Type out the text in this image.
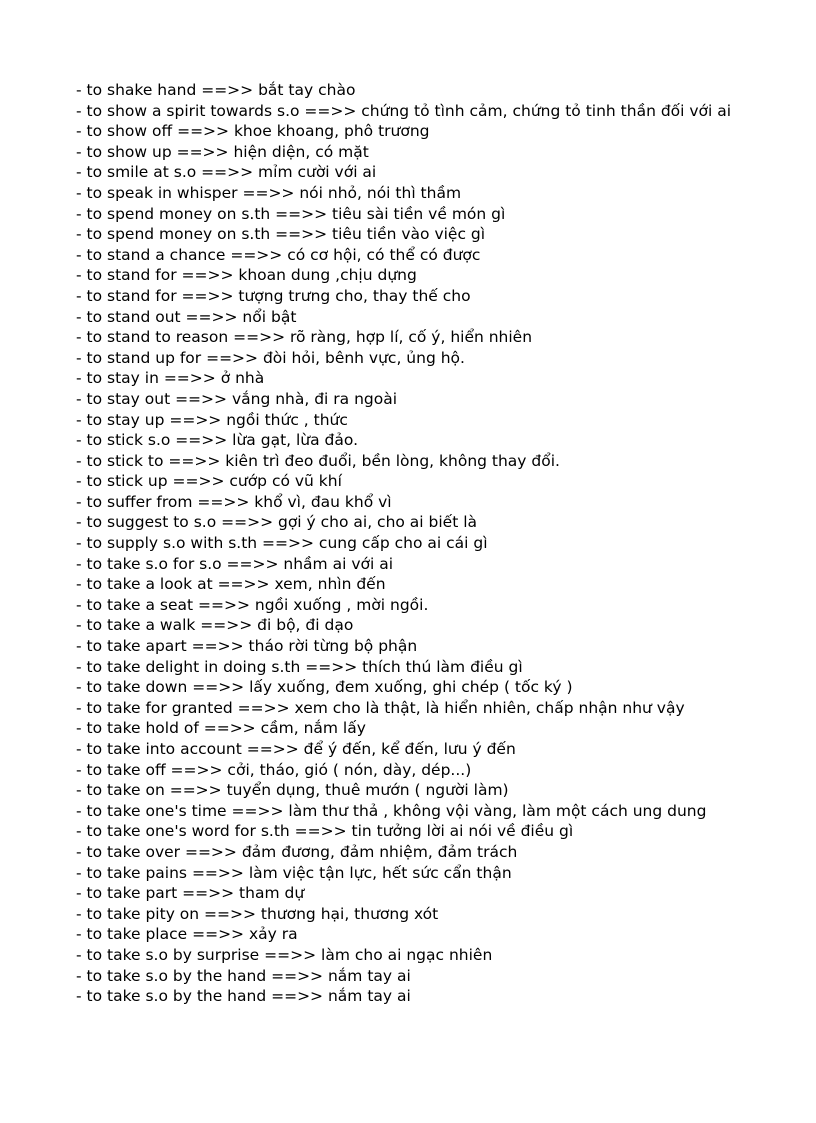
- to shake hand ==>> bắt tay chào

- to show a spirit towards s.o ==>> chứng tỏ tình cảm, chứng tỏ tinh thần đối với ai

- to show off ==>> khoe khoang, phô trương

- to show up ==>> hiện diện, có mặt

- to smile at s.o ==>> mỉm cười với ai

- to speak in whisper ==>> nói nhỏ, nói thì thầm

- to spend money on s.th ==>> tiêu sài tiền về món gì

- to spend money on s.th ==>> tiêu tiền vào việc gì

- to stand a chance ==>> có cơ hội, có thể có được

- to stand for ==>> khoan dung ,chịu dựng

- to stand for ==>> tượng trưng cho, thay thế cho

- to stand out ==>> nổi bật

- to stand to reason ==>> rõ ràng, hợp lí, cố ý, hiển nhiên

- to stand up for ==>> đòi hỏi, bênh vực, ủng hộ.

- to stay in ==>> ở nhà

- to stay out ==>> vắng nhà, đi ra ngoài

- to stay up ==>> ngồi thức , thức

- to stick s.o ==>> lừa gạt, lừa đảo.

- to stick to ==>> kiên trì đeo đuổi, bền lòng, không thay đổi.

- to stick up ==>> cướp có vũ khí

- to suffer from ==>> khổ vì, đau khổ vì

- to suggest to s.o ==>> gợi ý cho ai, cho ai biết là

- to supply s.o with s.th ==>> cung cấp cho ai cái gì

- to take s.o for s.o ==>> nhầm ai với ai

- to take a look at ==>> xem, nhìn đến

- to take a seat ==>> ngồi xuống , mời ngồi.

- to take a walk ==>> đi bộ, đi dạo

- to take apart ==>> tháo rời từng bộ phận

- to take delight in doing s.th ==>> thích thú làm điều gì

- to take down ==>> lấy xuống, đem xuống, ghi chép ( tốc ký )

- to take for granted ==>> xem cho là thật, là hiển nhiên, chấp nhận như vậy

- to take hold of ==>> cầm, nắm lấy

- to take into account ==>> để ý đến, kể đến, lưu ý đến

- to take off ==>> cởi, tháo, gió ( nón, dày, dép...)

- to take on ==>> tuyển dụng, thuê mướn ( người làm)

- to take one's time ==>> làm thư thả , không vội vàng, làm một cách ung dung

- to take one's word for s.th ==>> tin tưởng lời ai nói về điều gì

- to take over ==>> đảm đương, đảm nhiệm, đảm trách

- to take pains ==>> làm việc tận lực, hết sức cẩn thận

- to take part ==>> tham dự

- to take pity on ==>> thương hại, thương xót

- to take place ==>> xảy ra

- to take s.o by surprise ==>> làm cho ai ngạc nhiên

- to take s.o by the hand ==>> nắm tay ai

- to take s.o by the hand ==>> nắm tay ai
